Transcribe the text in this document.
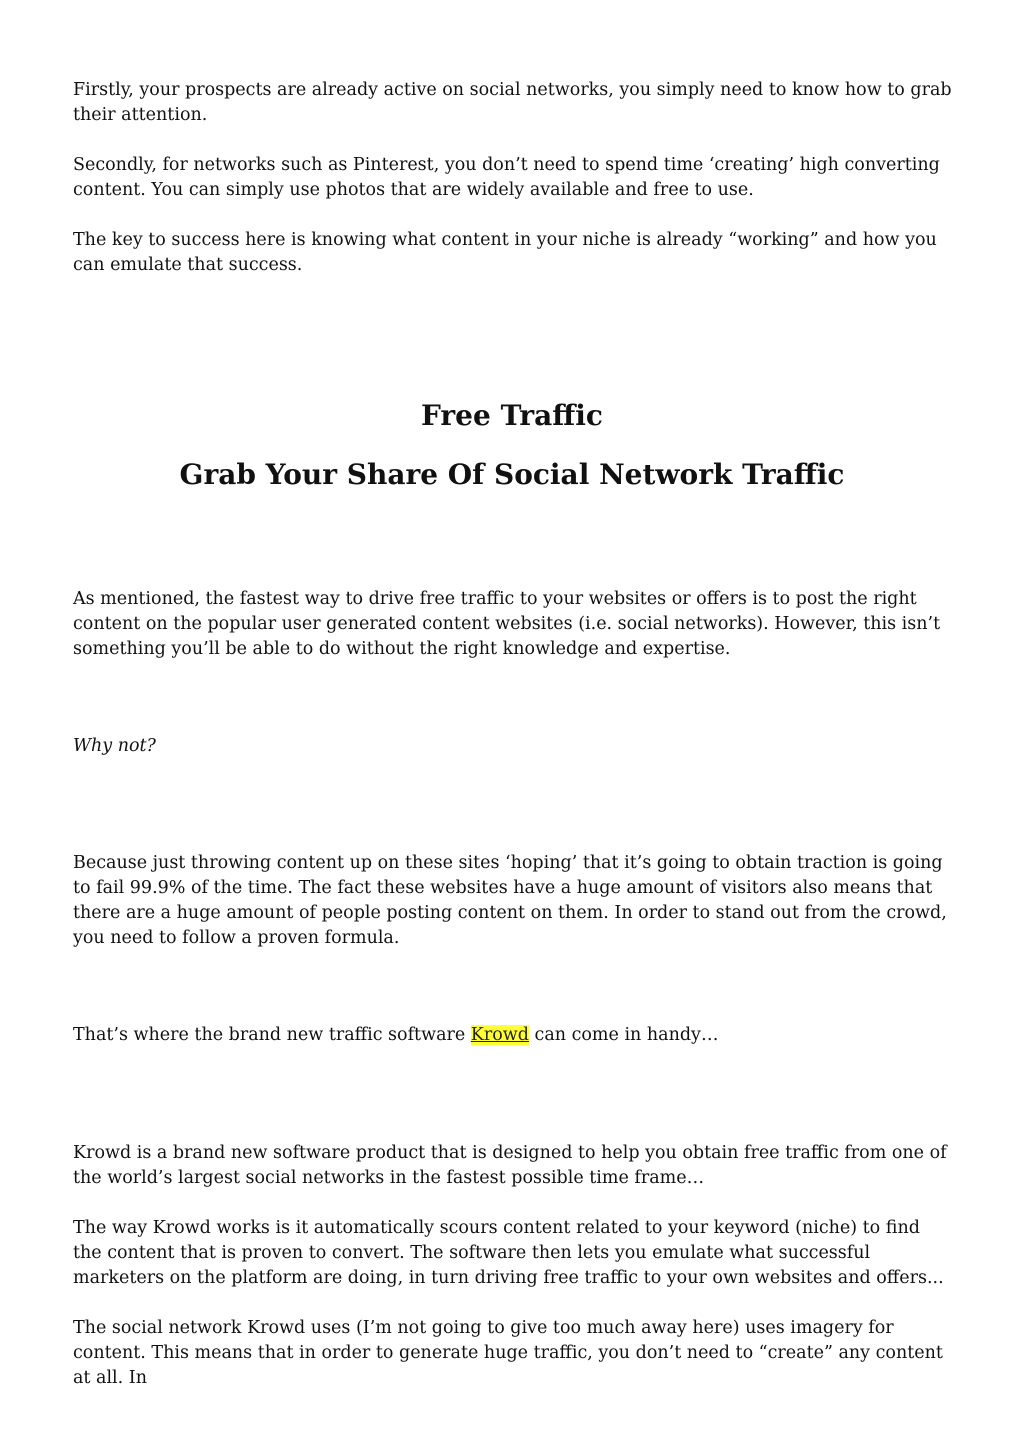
Firstly, your prospects are already active on social networks, you simply need to know how to grab their attention.

Secondly, for networks such as Pinterest, you don’t need to spend time ‘creating’ high converting content. You can simply use photos that are widely available and free to use.

The key to success here is knowing what content in your niche is already “working” and how you can emulate that success.

Free Traffic
Grab Your Share Of Social Network Traffic

As mentioned, the fastest way to drive free traffic to your websites or offers is to post the right content on the popular user generated content websites (i.e. social networks). However, this isn’t something you’ll be able to do without the right knowledge and expertise.

Why not?

Because just throwing content up on these sites ‘hoping’ that it’s going to obtain traction is going to fail 99.9% of the time. The fact these websites have a huge amount of visitors also means that there are a huge amount of people posting content on them. In order to stand out from the crowd, you need to follow a proven formula.

That’s where the brand new traffic software Krowd can come in handy…

Krowd is a brand new software product that is designed to help you obtain free traffic from one of the world’s largest social networks in the fastest possible time frame…

The way Krowd works is it automatically scours content related to your keyword (niche) to find the content that is proven to convert. The software then lets you emulate what successful marketers on the platform are doing, in turn driving free traffic to your own websites and offers...

The social network Krowd uses (I’m not going to give too much away here) uses imagery for content. This means that in order to generate huge traffic, you don’t need to “create” any content at all. In
